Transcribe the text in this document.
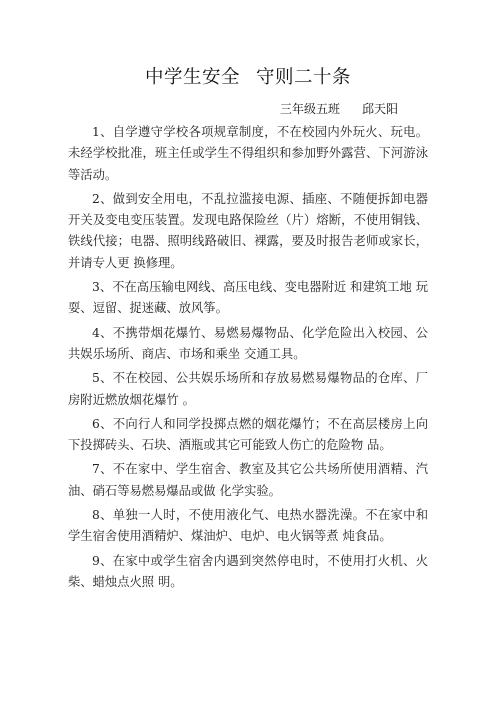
中学生安全 守则二十条
三年级五班 邱天阳

1、自学遵守学校各项规章制度，不在校园内外玩火、玩电。未经学校批准，班主任或学生不得组织和参加野外露营、下河游泳等活动。

2、做到安全用电，不乱拉滥接电源、插座、不随便拆卸电器开关及变电变压装置。发现电路保险丝（片）熔断，不使用铜钱、铁线代接；电器、照明线路破旧、裸露，要及时报告老师或家长，并请专人更 换修理。

3、不在高压输电网线、高压电线、变电器附近 和建筑工地 玩耍、逗留、捉迷藏、放风筝。

4、不携带烟花爆竹、易燃易爆物品、化学危险出入校园、公共娱乐场所、商店、市场和乘坐 交通工具。

5、不在校园、公共娱乐场所和存放易燃易爆物品的仓库、厂房附近燃放烟花爆竹 。

6、不向行人和同学投掷点燃的烟花爆竹；不在高层楼房上向下投掷砖头、石块、酒瓶或其它可能致人伤亡的危险物 品。

7、不在家中、学生宿舍、教室及其它公共场所使用酒精、汽油、硝石等易燃易爆品或做 化学实验。

8、单独一人时，不使用液化气、电热水器洗澡。不在家中和 学生宿舍使用酒精炉、煤油炉、电炉、电火锅等煮 炖食品。

9、在家中或学生宿舍内遇到突然停电时，不使用打火机、火柴、蜡烛点火照 明。
